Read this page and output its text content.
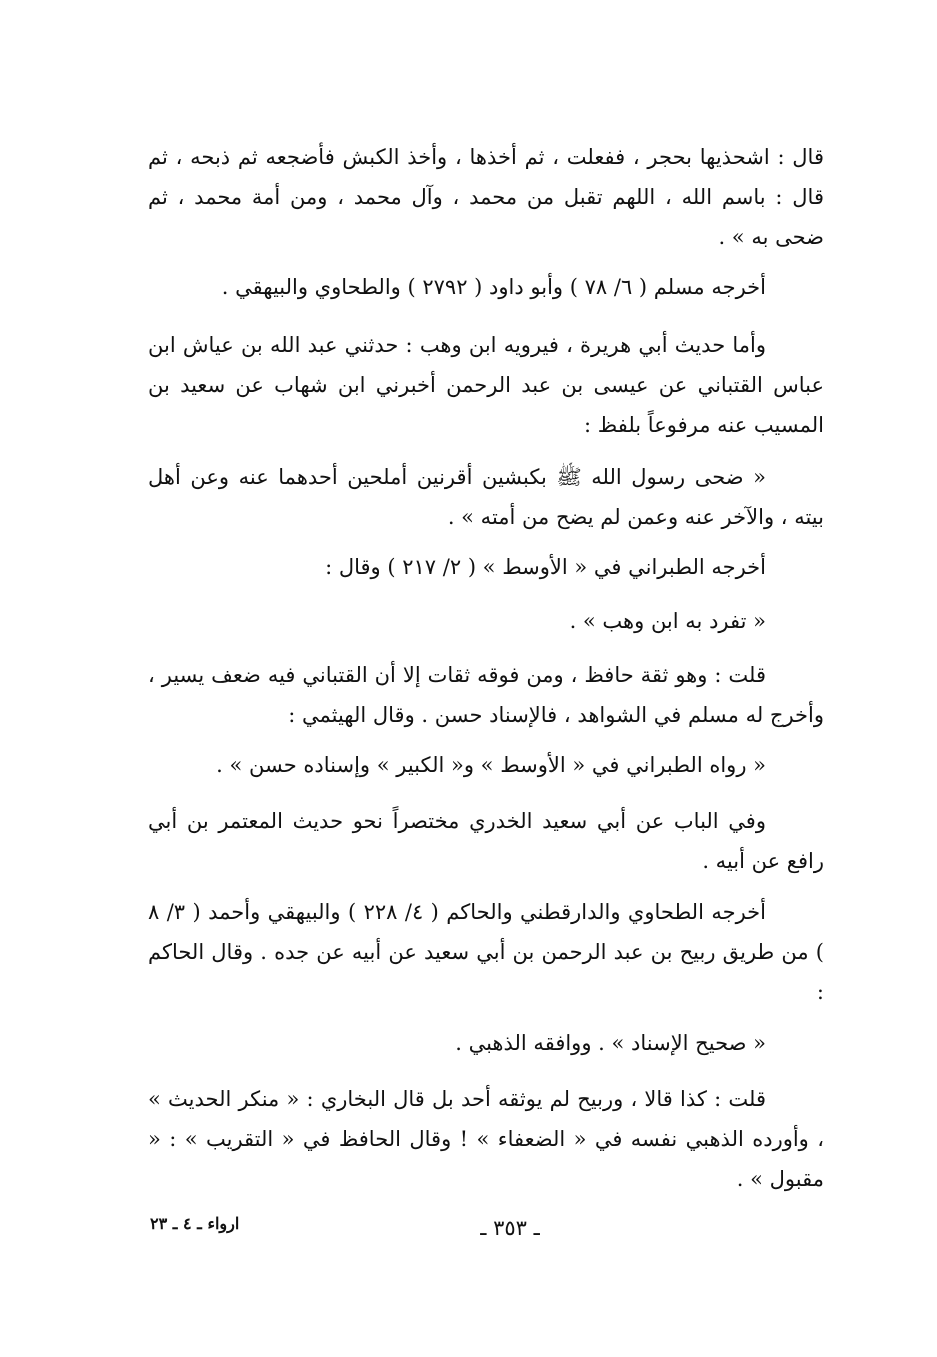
قال : اشحذيها بحجر ، ففعلت ، ثم أخذها ، وأخذ الكبش فأضجعه ثم ذبحه ، ثم قال : باسم الله ، اللهم تقبل من محمد ، وآل محمد ، ومن أمة محمد ، ثم ضحى به » .

أخرجه مسلم ( ٦/ ٧٨ ) وأبو داود ( ٢٧٩٢ ) والطحاوي والبيهقي .

وأما حديث أبي هريرة ، فيرويه ابن وهب : حدثني عبد الله بن عياش ابن عباس القتباني عن عيسى بن عبد الرحمن أخبرني ابن شهاب عن سعيد بن المسيب عنه مرفوعاً بلفظ :

« ضحى رسول الله ﷺ بكبشين أقرنين أملحين أحدهما عنه وعن أهل بيته ، والآخر عنه وعمن لم يضح من أمته » .

أخرجه الطبراني في « الأوسط » ( ٢/ ٢١٧ ) وقال :

« تفرد به ابن وهب » .

قلت : وهو ثقة حافظ ، ومن فوقه ثقات إلا أن القتباني فيه ضعف يسير ، وأخرج له مسلم في الشواهد ، فالإسناد حسن . وقال الهيثمي :

« رواه الطبراني في « الأوسط » و« الكبير » وإسناده حسن » .

وفي الباب عن أبي سعيد الخدري مختصراً نحو حديث المعتمر بن أبي رافع عن أبيه .

أخرجه الطحاوي والدارقطني والحاكم ( ٤/ ٢٢٨ ) والبيهقي وأحمد ( ٣/ ٨ ) من طريق ربيح بن عبد الرحمن بن أبي سعيد عن أبيه عن جده . وقال الحاكم :

« صحيح الإسناد » . ووافقه الذهبي .

قلت : كذا قالا ، وربيح لم يوثقه أحد بل قال البخاري : « منكر الحديث » ، وأورده الذهبي نفسه في « الضعفاء » ! وقال الحافظ في « التقريب » : « مقبول » .

ـ ٣٥٣ ـ
ارواء ـ ٤ ـ ٢٣
